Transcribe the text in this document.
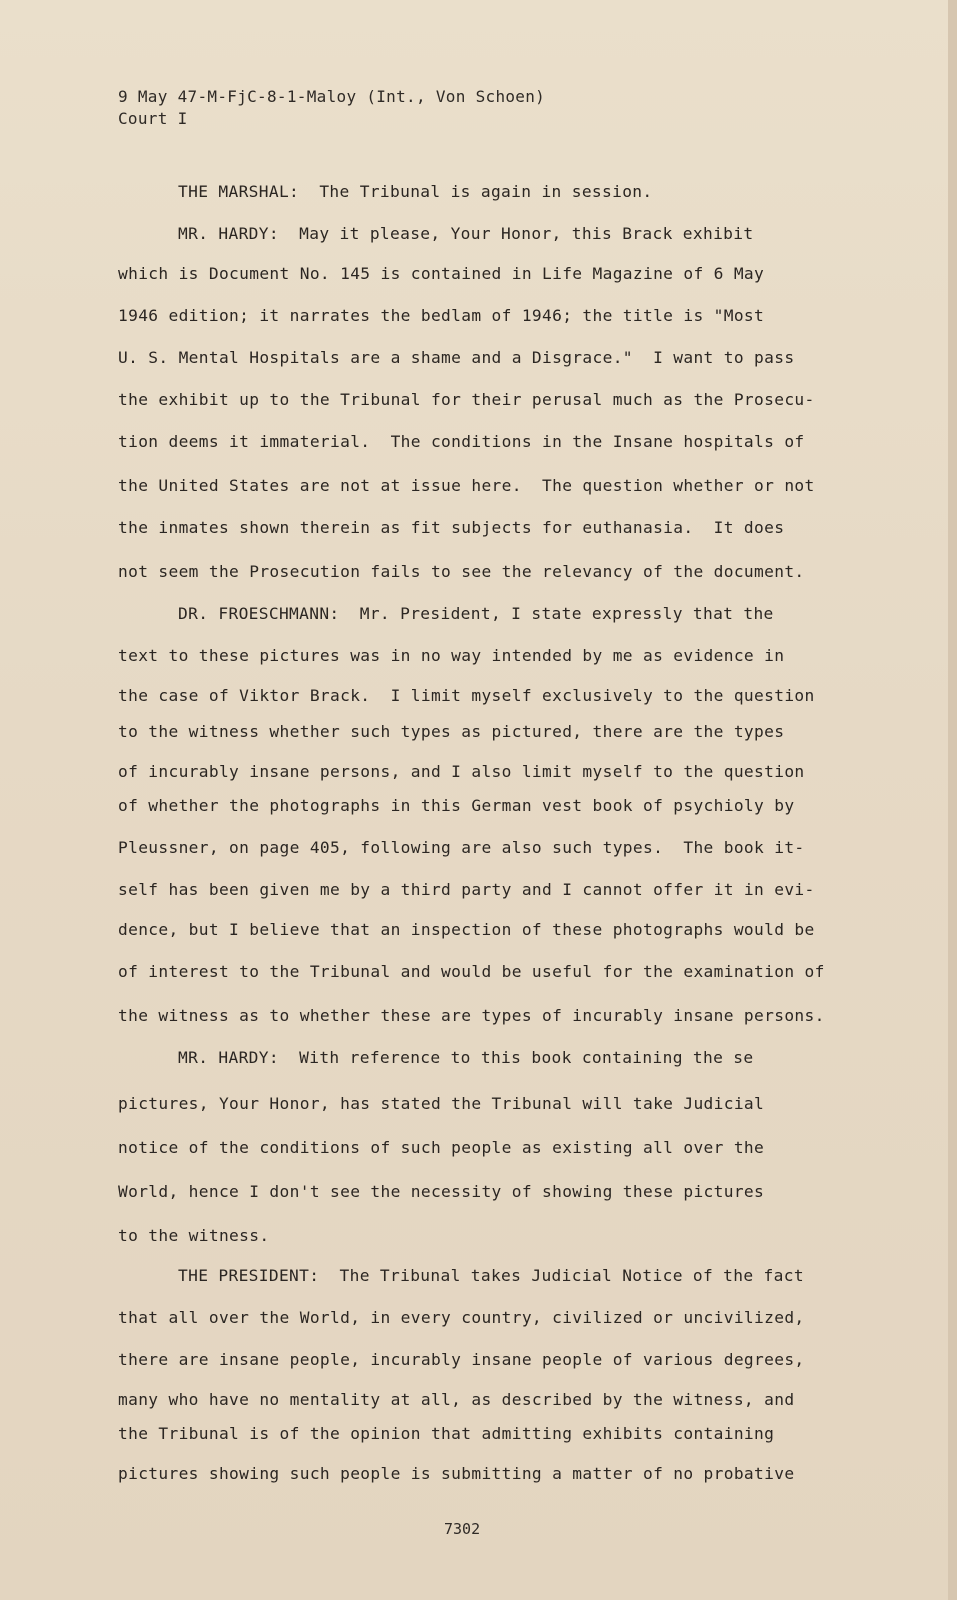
9 May 47-M-FjC-8-1-Maloy (Int., Von Schoen)
Court I
THE MARSHAL:  The Tribunal is again in session.
MR. HARDY:  May it please, Your Honor, this Brack exhibit
which is Document No. 145 is contained in Life Magazine of 6 May
1946 edition; it narrates the bedlam of 1946; the title is "Most
U. S. Mental Hospitals are a shame and a Disgrace."  I want to pass
the exhibit up to the Tribunal for their perusal much as the Prosecu-
tion deems it immaterial.  The conditions in the Insane hospitals of
the United States are not at issue here.  The question whether or not
the inmates shown therein as fit subjects for euthanasia.  It does
not seem the Prosecution fails to see the relevancy of the document.
DR. FROESCHMANN:  Mr. President, I state expressly that the
text to these pictures was in no way intended by me as evidence in
the case of Viktor Brack.  I limit myself exclusively to the question
to the witness whether such types as pictured, there are the types
of incurably insane persons, and I also limit myself to the question
of whether the photographs in this German vest book of psychioly by
Pleussner, on page 405, following are also such types.  The book it-
self has been given me by a third party and I cannot offer it in evi-
dence, but I believe that an inspection of these photographs would be
of interest to the Tribunal and would be useful for the examination of
the witness as to whether these are types of incurably insane persons.
MR. HARDY:  With reference to this book containing the se
pictures, Your Honor, has stated the Tribunal will take Judicial
notice of the conditions of such people as existing all over the
World, hence I don't see the necessity of showing these pictures
to the witness.
THE PRESIDENT:  The Tribunal takes Judicial Notice of the fact
that all over the World, in every country, civilized or uncivilized,
there are insane people, incurably insane people of various degrees,
many who have no mentality at all, as described by the witness, and
the Tribunal is of the opinion that admitting exhibits containing
pictures showing such people is submitting a matter of no probative
7302
